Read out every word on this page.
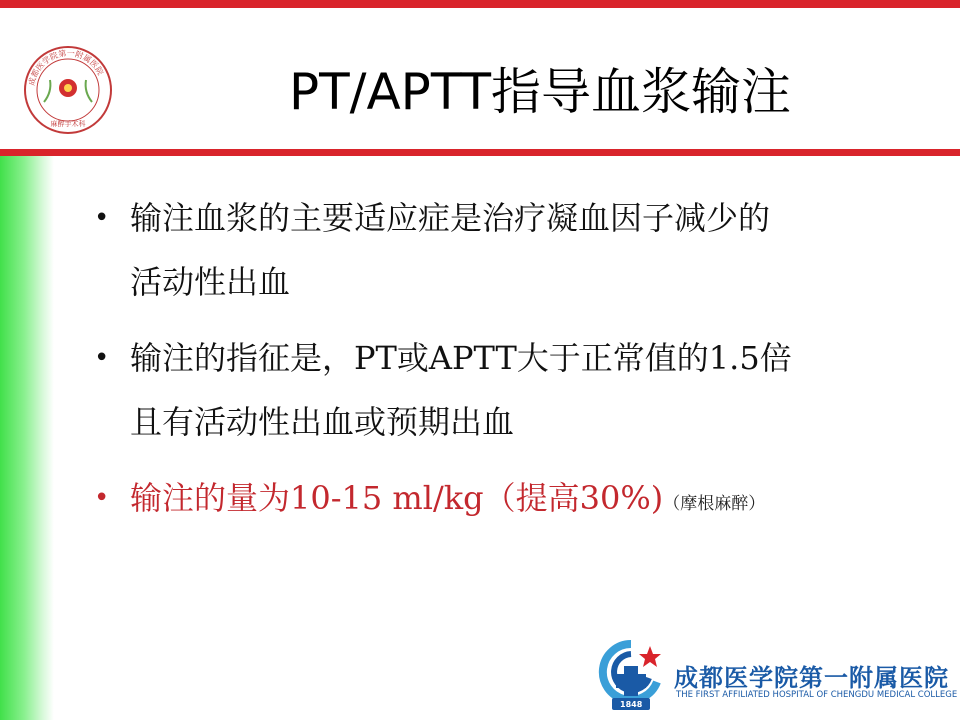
成都医学院第一附属医院
麻醉手术科
PT/APTT指导血浆输注
• 输注血浆的主要适应症是治疗凝血因子减少的
活动性出血
• 输注的指征是，PT或APTT大于正常值的1.5倍
且有活动性出血或预期出血
• 输注的量为10-15 ml/kg（提高30%)（摩根麻醉）
1848
成都医学院第一附属医院
THE FIRST AFFILIATED HOSPITAL OF CHENGDU MEDICAL COLLEGE
